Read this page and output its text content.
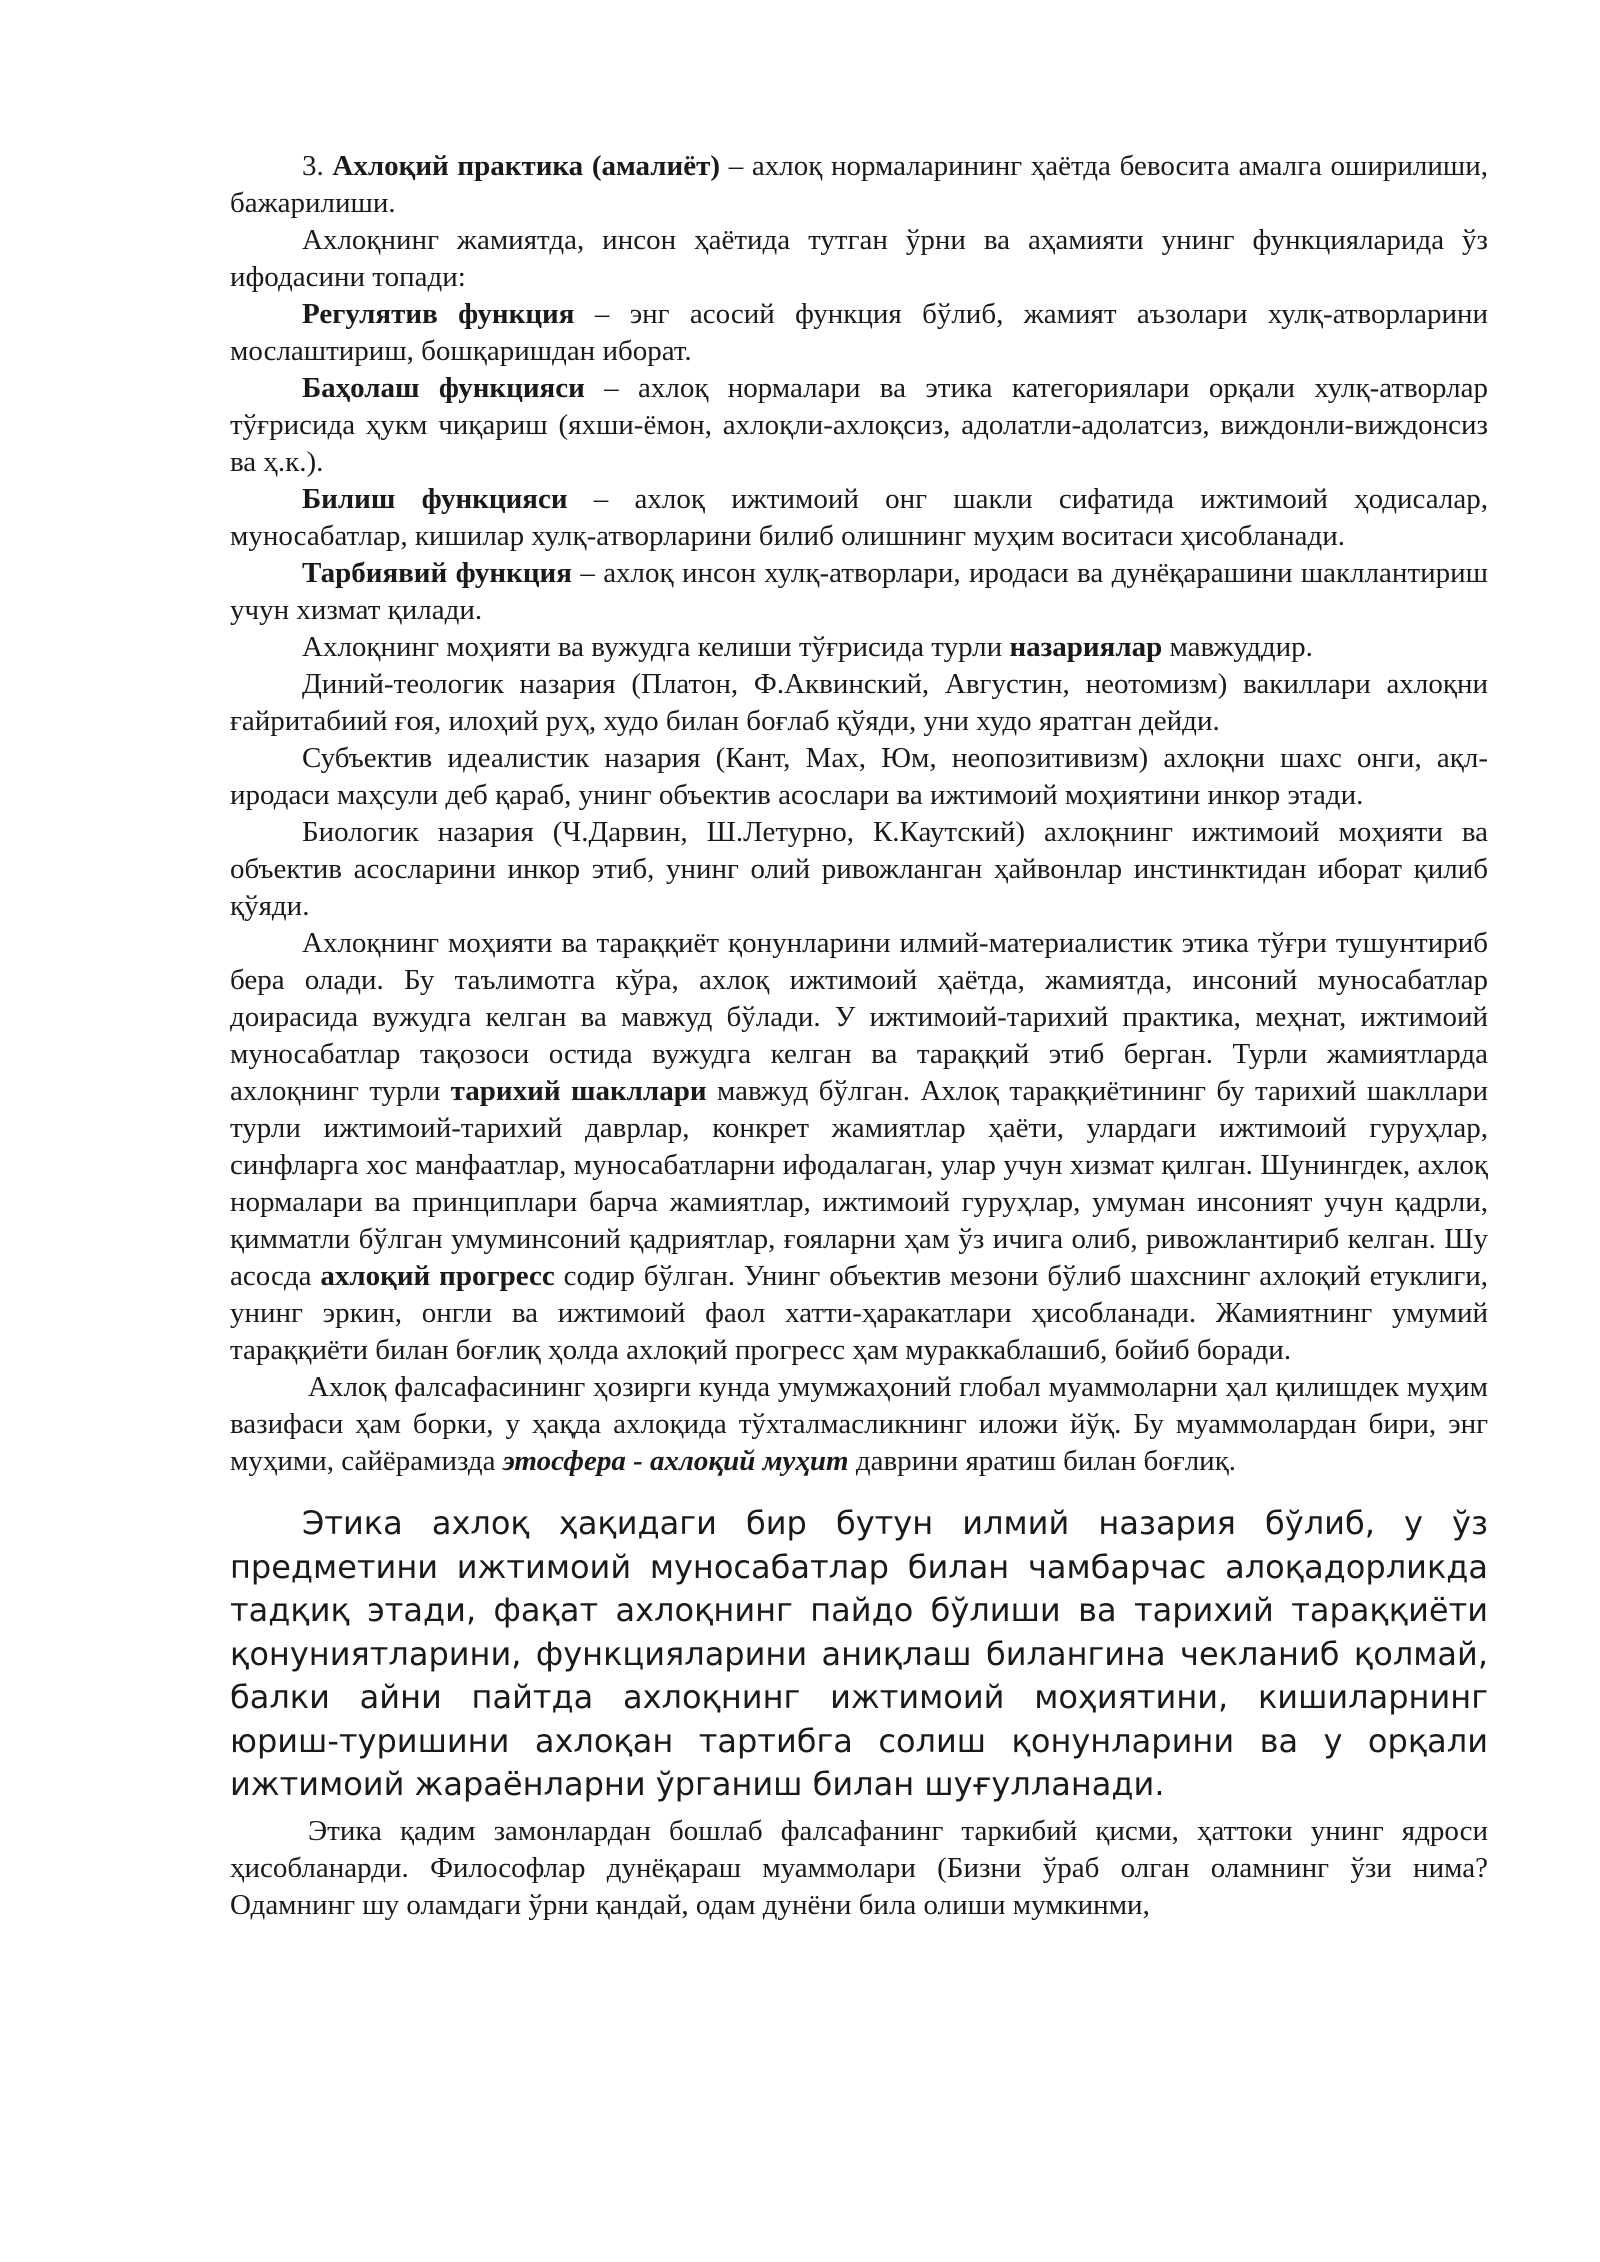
3. Ахлоқий практика (амалиёт) – ахлоқ нормаларининг ҳаётда бевосита амалга оширилиши, бажарилиши.

Ахлоқнинг жамиятда, инсон ҳаётида тутган ўрни ва аҳамияти унинг функцияларида ўз ифодасини топади:

Регулятив функция – энг асосий функция бўлиб, жамият аъзолари хулқ-атворларини мослаштириш, бошқаришдан иборат.

Баҳолаш функцияси – ахлоқ нормалари ва этика категориялари орқали хулқ-атворлар тўғрисида ҳукм чиқариш (яхши-ёмон, ахлоқли-ахлоқсиз, адолатли-адолатсиз, виждонли-виждонсиз ва ҳ.к.).

Билиш функцияси – ахлоқ ижтимоий онг шакли сифатида ижтимоий ҳодисалар, муносабатлар, кишилар хулқ-атворларини билиб олишнинг муҳим воситаси ҳисобланади.

Тарбиявий функция – ахлоқ инсон хулқ-атворлари, иродаси ва дунёқарашини шакллантириш учун хизмат қилади.

Ахлоқнинг моҳияти ва вужудга келиши тўғрисида турли назариялар мавжуддир.

Диний-теологик назария (Платон, Ф.Аквинский, Августин, неотомизм) вакиллари ахлоқни ғайритабиий ғоя, илоҳий руҳ, худо билан боғлаб қўяди, уни худо яратган дейди.

Субъектив идеалистик назария (Кант, Мах, Юм, неопозитивизм) ахлоқни шахс онги, ақл-иродаси маҳсули деб қараб, унинг объектив асослари ва ижтимоий моҳиятини инкор этади.

Биологик назария (Ч.Дарвин, Ш.Летурно, К.Каутский) ахлоқнинг ижтимоий моҳияти ва объектив асосларини инкор этиб, унинг олий ривожланган ҳайвонлар инстинктидан иборат қилиб қўяди.

Ахлоқнинг моҳияти ва тараққиёт қонунларини илмий-материалистик этика тўғри тушунтириб бера олади. Бу таълимотга кўра, ахлоқ ижтимоий ҳаётда, жамиятда, инсоний муносабатлар доирасида вужудга келган ва мавжуд бўлади. У ижтимоий-тарихий практика, меҳнат, ижтимоий муносабатлар тақозоси остида вужудга келган ва тараққий этиб берган. Турли жамиятларда ахлоқнинг турли тарихий шакллари мавжуд бўлган. Ахлоқ тараққиётининг бу тарихий шакллари турли ижтимоий-тарихий даврлар, конкрет жамиятлар ҳаёти, улардаги ижтимоий гуруҳлар, синфларга хос манфаатлар, муносабатларни ифодалаган, улар учун хизмат қилган. Шунингдек, ахлоқ нормалари ва принциплари барча жамиятлар, ижтимоий гуруҳлар, умуман инсоният учун қадрли, қимматли бўлган умуминсоний қадриятлар, ғояларни ҳам ўз ичига олиб, ривожлантириб келган. Шу асосда ахлоқий прогресс содир бўлган. Унинг объектив мезони бўлиб шахснинг ахлоқий етуклиги, унинг эркин, онгли ва ижтимоий фаол хатти-ҳаракатлари ҳисобланади. Жамиятнинг умумий тараққиёти билан боғлиқ ҳолда ахлоқий прогресс ҳам мураккаблашиб, бойиб боради.

Ахлоқ фалсафасининг ҳозирги кунда умумжаҳоний глобал муаммоларни ҳал қилишдек муҳим вазифаси ҳам борки, у ҳақда ахлоқида тўхталмасликнинг иложи йўқ. Бу муаммолардан бири, энг муҳими, сайёрамизда этосфера - ахлоқий муҳит даврини яратиш билан боғлиқ.

Этика ахлоқ ҳақидаги бир бутун илмий назария бўлиб, у ўз предметини ижтимоий муносабатлар билан чамбарчас алоқадорликда тадқиқ этади, фақат ахлоқнинг пайдо бўлиши ва тарихий тараққиёти қонуниятларини, функцияларини аниқлаш билангина чекланиб қолмай, балки айни пайтда ахлоқнинг ижтимоий моҳиятини, кишиларнинг юриш-туришини ахлоқан тартибга солиш қонунларини ва у орқали ижтимоий жараёнларни ўрганиш билан шуғулланади.

Этика қадим замонлардан бошлаб фалсафанинг таркибий қисми, ҳаттоки унинг ядроси ҳисобланарди. Философлар дунёқараш муаммолари (Бизни ўраб олган оламнинг ўзи нима? Одамнинг шу оламдаги ўрни қандай, одам дунёни била олиши мумкинми,
